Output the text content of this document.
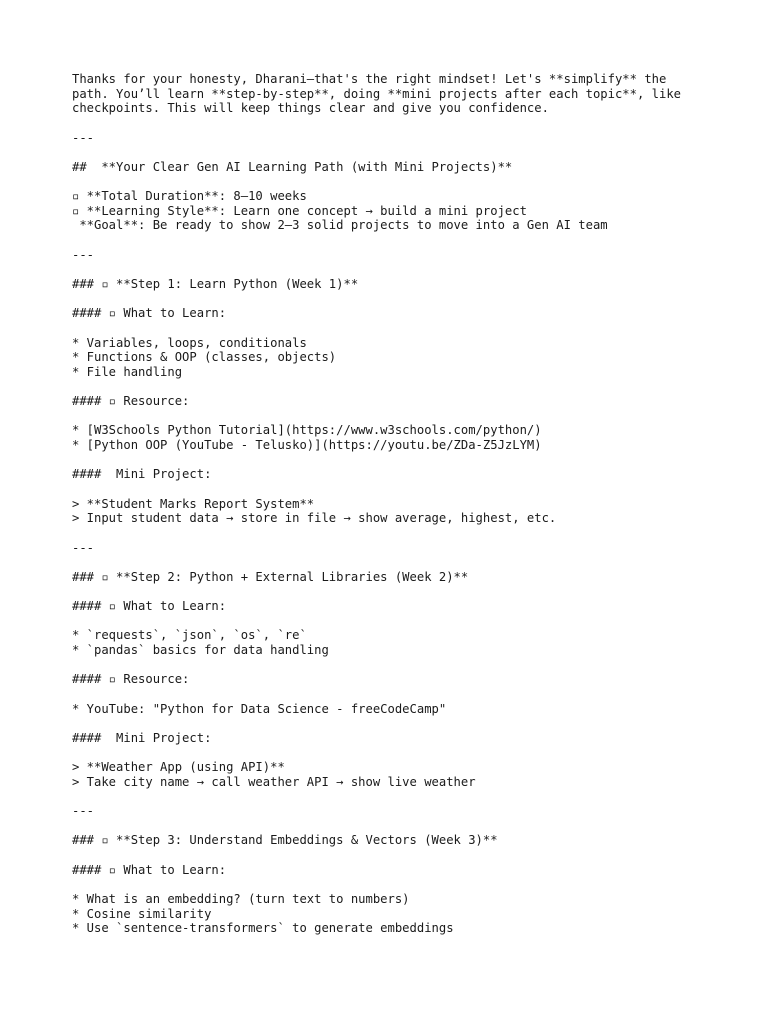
Thanks for your honesty, Dharani—that's the right mindset! Let's **simplify** the
path. You’ll learn **step-by-step**, doing **mini projects after each topic**, like
checkpoints. This will keep things clear and give you confidence.
---
##  **Your Clear Gen AI Learning Path (with Mini Projects)**
▫ **Total Duration**: 8–10 weeks
▫ **Learning Style**: Learn one concept → build a mini project
**Goal**: Be ready to show 2–3 solid projects to move into a Gen AI team
---
### ▫ **Step 1: Learn Python (Week 1)**
#### ▫ What to Learn:
* Variables, loops, conditionals
* Functions & OOP (classes, objects)
* File handling
#### ▫ Resource:
* [W3Schools Python Tutorial](https://www.w3schools.com/python/)
* [Python OOP (YouTube - Telusko)](https://youtu.be/ZDa-Z5JzLYM)
####  Mini Project:
> **Student Marks Report System**
> Input student data → store in file → show average, highest, etc.
---
### ▫ **Step 2: Python + External Libraries (Week 2)**
#### ▫ What to Learn:
* `requests`, `json`, `os`, `re`
* `pandas` basics for data handling
#### ▫ Resource:
* YouTube: "Python for Data Science - freeCodeCamp"
####  Mini Project:
> **Weather App (using API)**
> Take city name → call weather API → show live weather
---
### ▫ **Step 3: Understand Embeddings & Vectors (Week 3)**
#### ▫ What to Learn:
* What is an embedding? (turn text to numbers)
* Cosine similarity
* Use `sentence-transformers` to generate embeddings
